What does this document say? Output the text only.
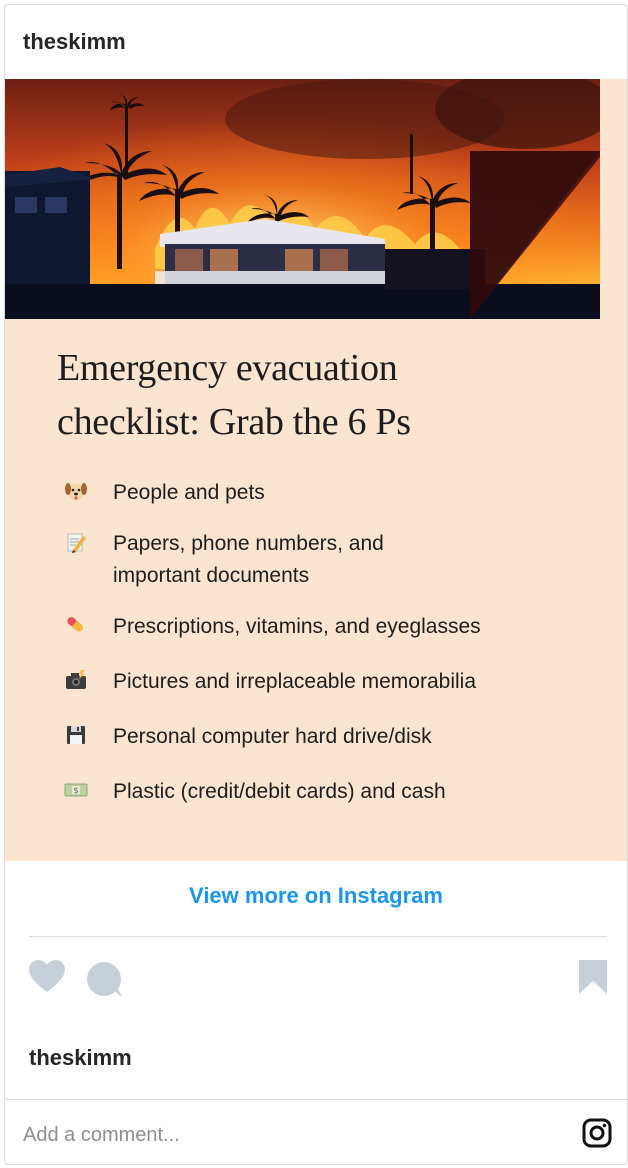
theskimm
Emergency evacuation
checklist: Grab the 6 Ps
People and pets
Papers, phone numbers, and
important documents
Prescriptions, vitamins, and eyeglasses
Pictures and irreplaceable memorabilia
Personal computer hard drive/disk
$ Plastic (credit/debit cards) and cash
View more on Instagram
theskimm
Add a comment...
